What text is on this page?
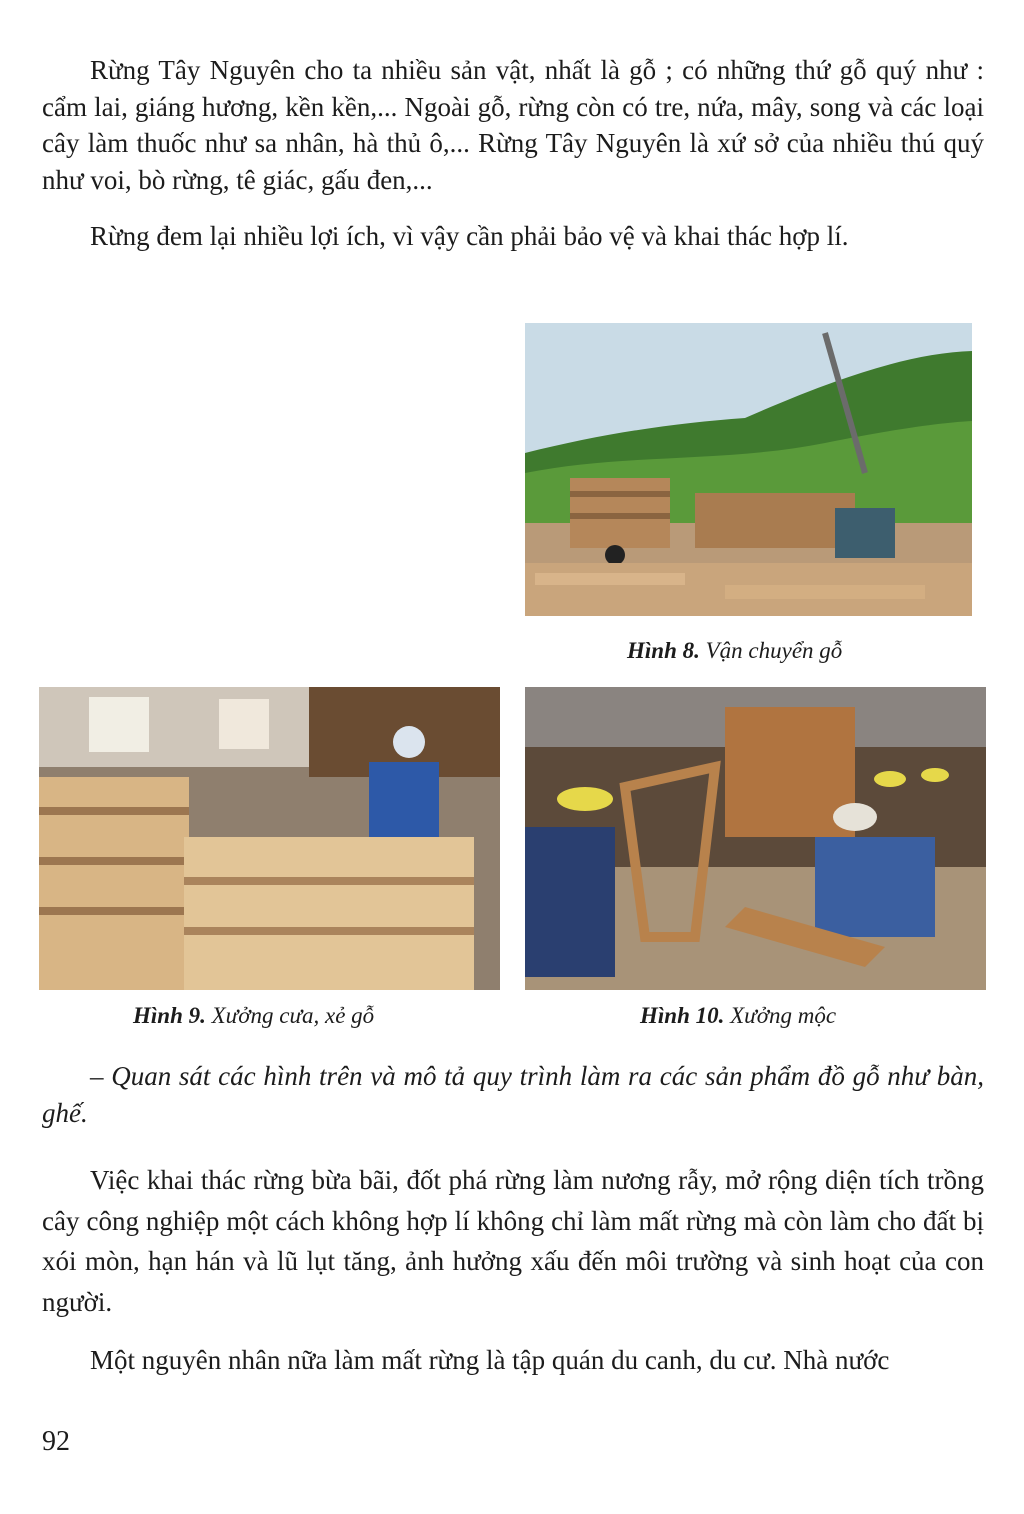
Rừng Tây Nguyên cho ta nhiều sản vật, nhất là gỗ ; có những thứ gỗ quý như : cẩm lai, giáng hương, kền kền,... Ngoài gỗ, rừng còn có tre, nứa, mây, song và các loại cây làm thuốc như sa nhân, hà thủ ô,... Rừng Tây Nguyên là xứ sở của nhiều thú quý như voi, bò rừng, tê giác, gấu đen,...

Rừng đem lại nhiều lợi ích, vì vậy cần phải bảo vệ và khai thác hợp lí.

Hình 8. Vận chuyển gỗ
Hình 9. Xưởng cưa, xẻ gỗ	Hình 10. Xưởng mộc

– Quan sát các hình trên và mô tả quy trình làm ra các sản phẩm đồ gỗ như bàn, ghế.

Việc khai thác rừng bừa bãi, đốt phá rừng làm nương rẫy, mở rộng diện tích trồng cây công nghiệp một cách không hợp lí không chỉ làm mất rừng mà còn làm cho đất bị xói mòn, hạn hán và lũ lụt tăng, ảnh hưởng xấu đến môi trường và sinh hoạt của con người.

Một nguyên nhân nữa làm mất rừng là tập quán du canh, du cư. Nhà nước

92
